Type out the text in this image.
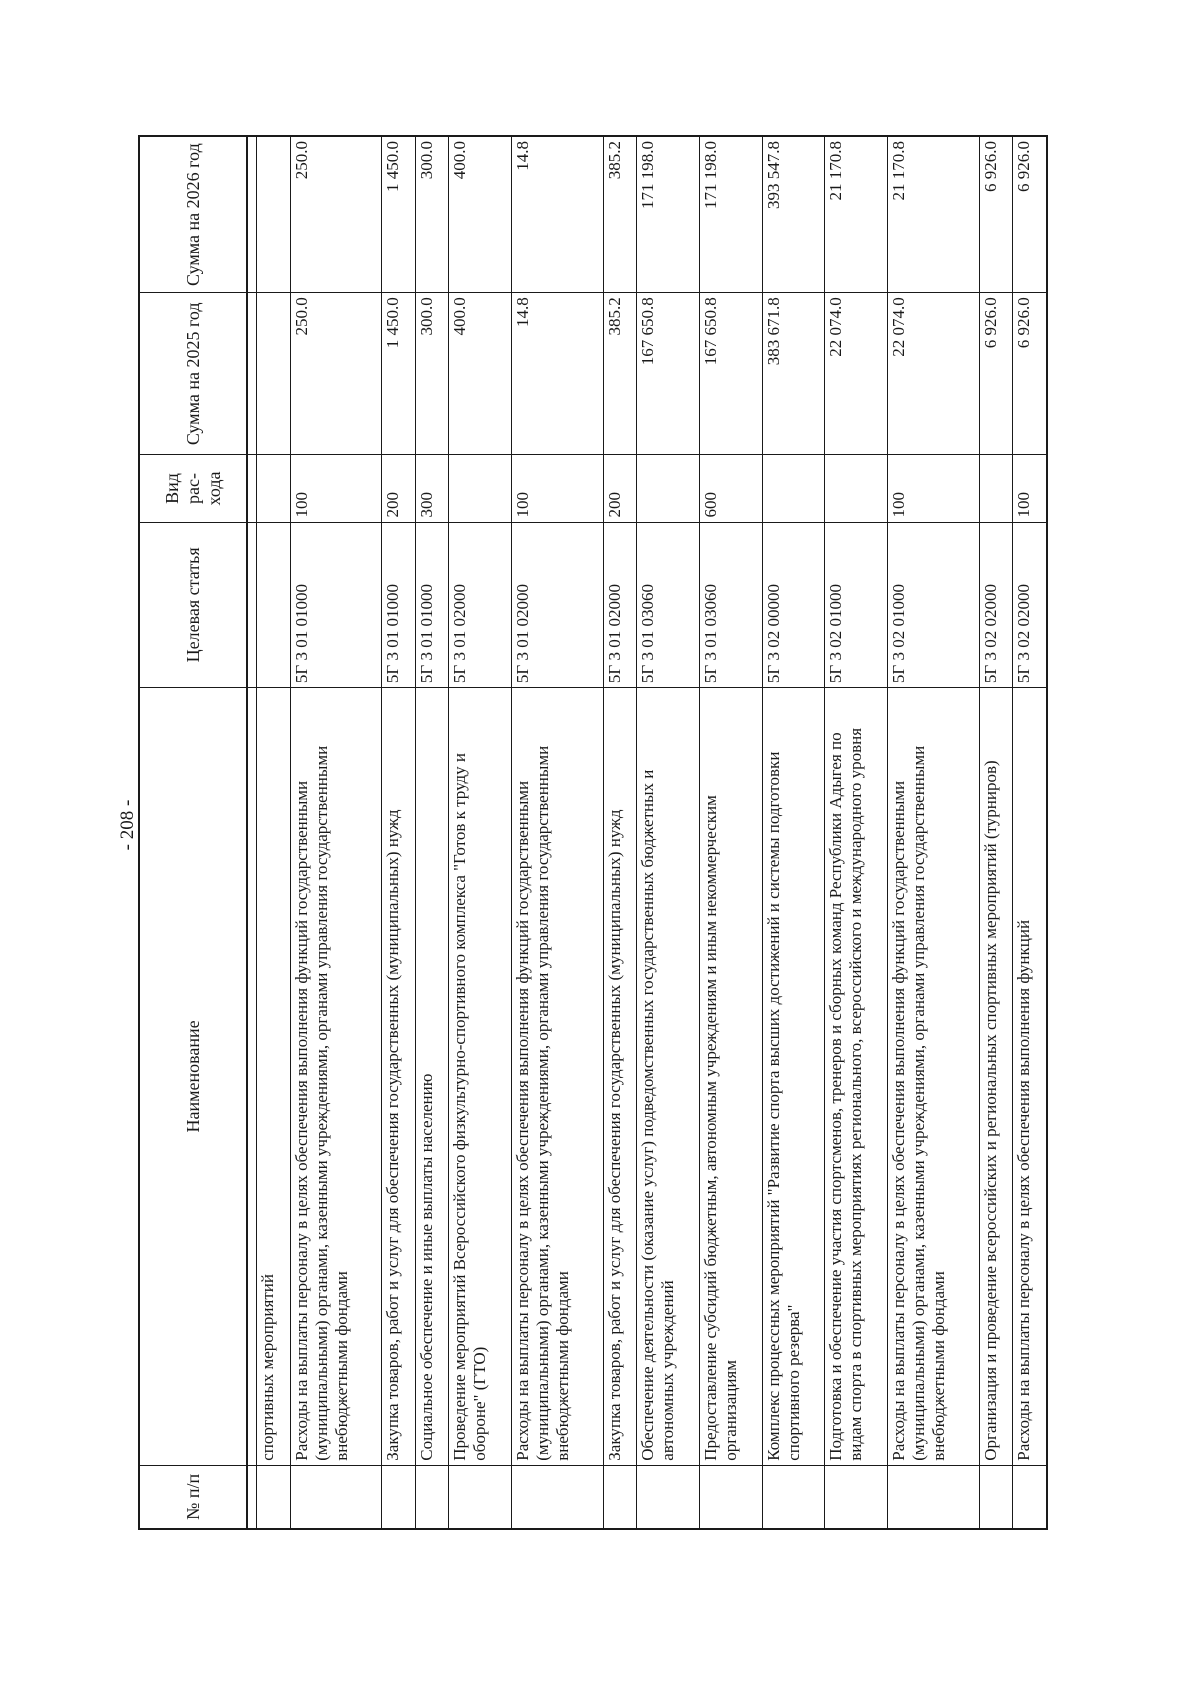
- 208 -
№ п/п	Наименование	Целевая статья	Вид рас-хода	Сумма на 2025 год	Сумма на 2026 год

	спортивных мероприятий				
	Расходы на выплаты персоналу в целях обеспечения выполнения функций государственными (муниципальными) органами, казенными учреждениями, органами управления государственными внебюджетными фондами	5Г 3 01 01000	100	250.0	250.0
	Закупка товаров, работ и услуг для обеспечения государственных (муниципальных) нужд	5Г 3 01 01000	200	1 450.0	1 450.0
	Социальное обеспечение и иные выплаты населению	5Г 3 01 01000	300	300.0	300.0
	Проведение мероприятий Всероссийского физкультурно-спортивного комплекса "Готов к труду и обороне" (ГТО)	5Г 3 01 02000		400.0	400.0
	Расходы на выплаты персоналу в целях обеспечения выполнения функций государственными (муниципальными) органами, казенными учреждениями, органами управления государственными внебюджетными фондами	5Г 3 01 02000	100	14.8	14.8
	Закупка товаров, работ и услуг для обеспечения государственных (муниципальных) нужд	5Г 3 01 02000	200	385.2	385.2
	Обеспечение деятельности (оказание услуг) подведомственных государственных бюджетных и автономных учреждений	5Г 3 01 03060		167 650.8	171 198.0
	Предоставление субсидий бюджетным, автономным учреждениям и иным некоммерческим организациям	5Г 3 01 03060	600	167 650.8	171 198.0
	Комплекс процессных мероприятий "Развитие спорта высших достижений и системы подготовки спортивного резерва"	5Г 3 02 00000		383 671.8	393 547.8
	Подготовка и обеспечение участия спортсменов, тренеров и сборных команд Республики Адыгея по видам спорта в спортивных мероприятиях регионального, всероссийского и международного уровня	5Г 3 02 01000		22 074.0	21 170.8
	Расходы на выплаты персоналу в целях обеспечения выполнения функций государственными (муниципальными) органами, казенными учреждениями, органами управления государственными внебюджетными фондами	5Г 3 02 01000	100	22 074.0	21 170.8
	Организация и проведение всероссийских и региональных спортивных мероприятий (турниров)	5Г 3 02 02000		6 926.0	6 926.0
	Расходы на выплаты персоналу в целях обеспечения выполнения функций	5Г 3 02 02000	100	6 926.0	6 926.0
